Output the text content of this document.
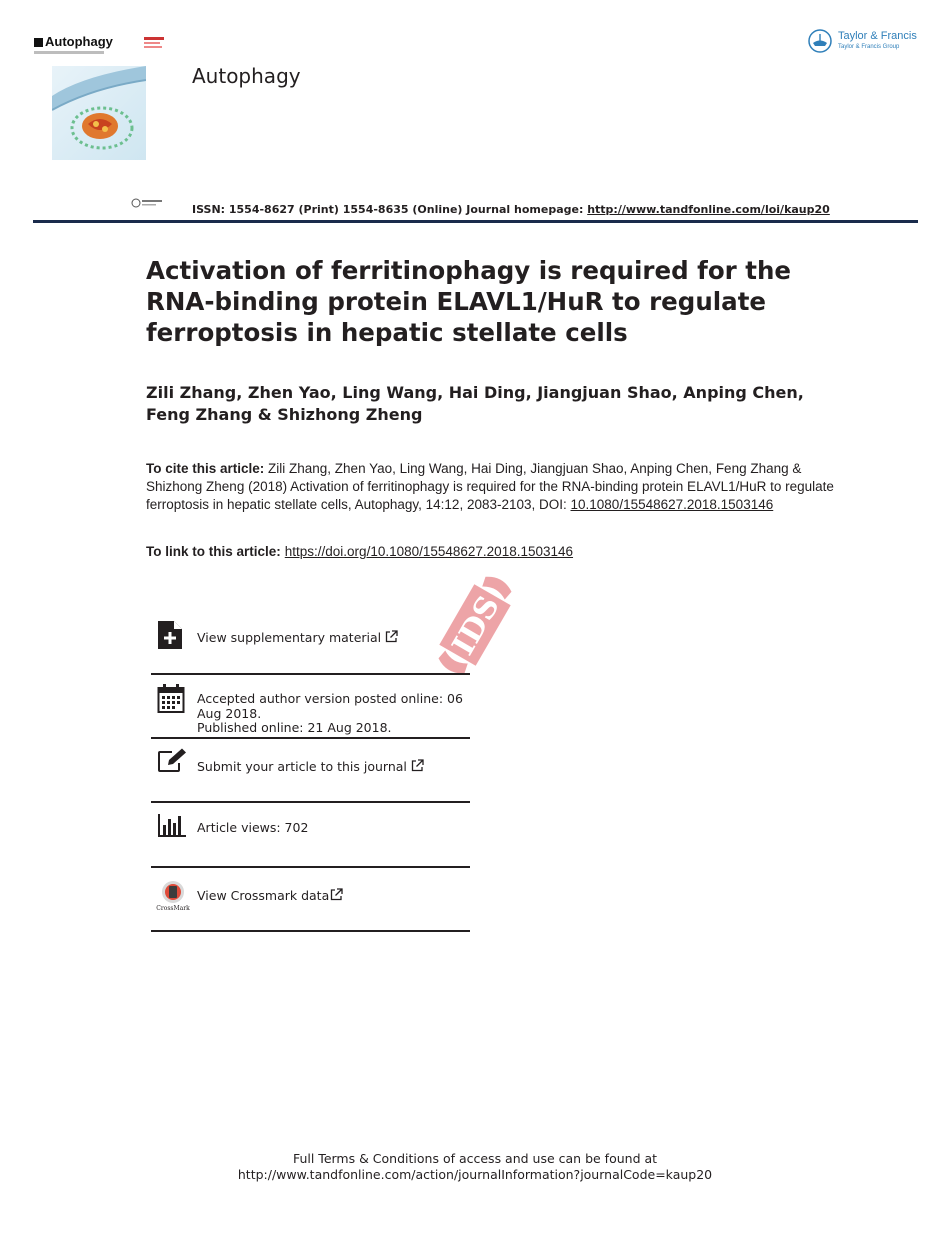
Autophagy
Autophagy
Taylor & Francis
Taylor & Francis Group
ISSN: 1554-8627 (Print) 1554-8635 (Online) Journal homepage: http://www.tandfonline.com/loi/kaup20
Activation of ferritinophagy is required for the RNA-binding protein ELAVL1/HuR to regulate ferroptosis in hepatic stellate cells
Zili Zhang, Zhen Yao, Ling Wang, Hai Ding, Jiangjuan Shao, Anping Chen, Feng Zhang & Shizhong Zheng
To cite this article: Zili Zhang, Zhen Yao, Ling Wang, Hai Ding, Jiangjuan Shao, Anping Chen, Feng Zhang & Shizhong Zheng (2018) Activation of ferritinophagy is required for the RNA-binding protein ELAVL1/HuR to regulate ferroptosis in hepatic stellate cells, Autophagy, 14:12, 2083-2103, DOI: 10.1080/15548627.2018.1503146
To link to this article: https://doi.org/10.1080/15548627.2018.1503146
IDS
View supplementary material
Accepted author version posted online: 06
Aug 2018.
Published online: 21 Aug 2018.
Submit your article to this journal
Article views: 702
CrossMark
View Crossmark data
Full Terms & Conditions of access and use can be found at
http://www.tandfonline.com/action/journalInformation?journalCode=kaup20
